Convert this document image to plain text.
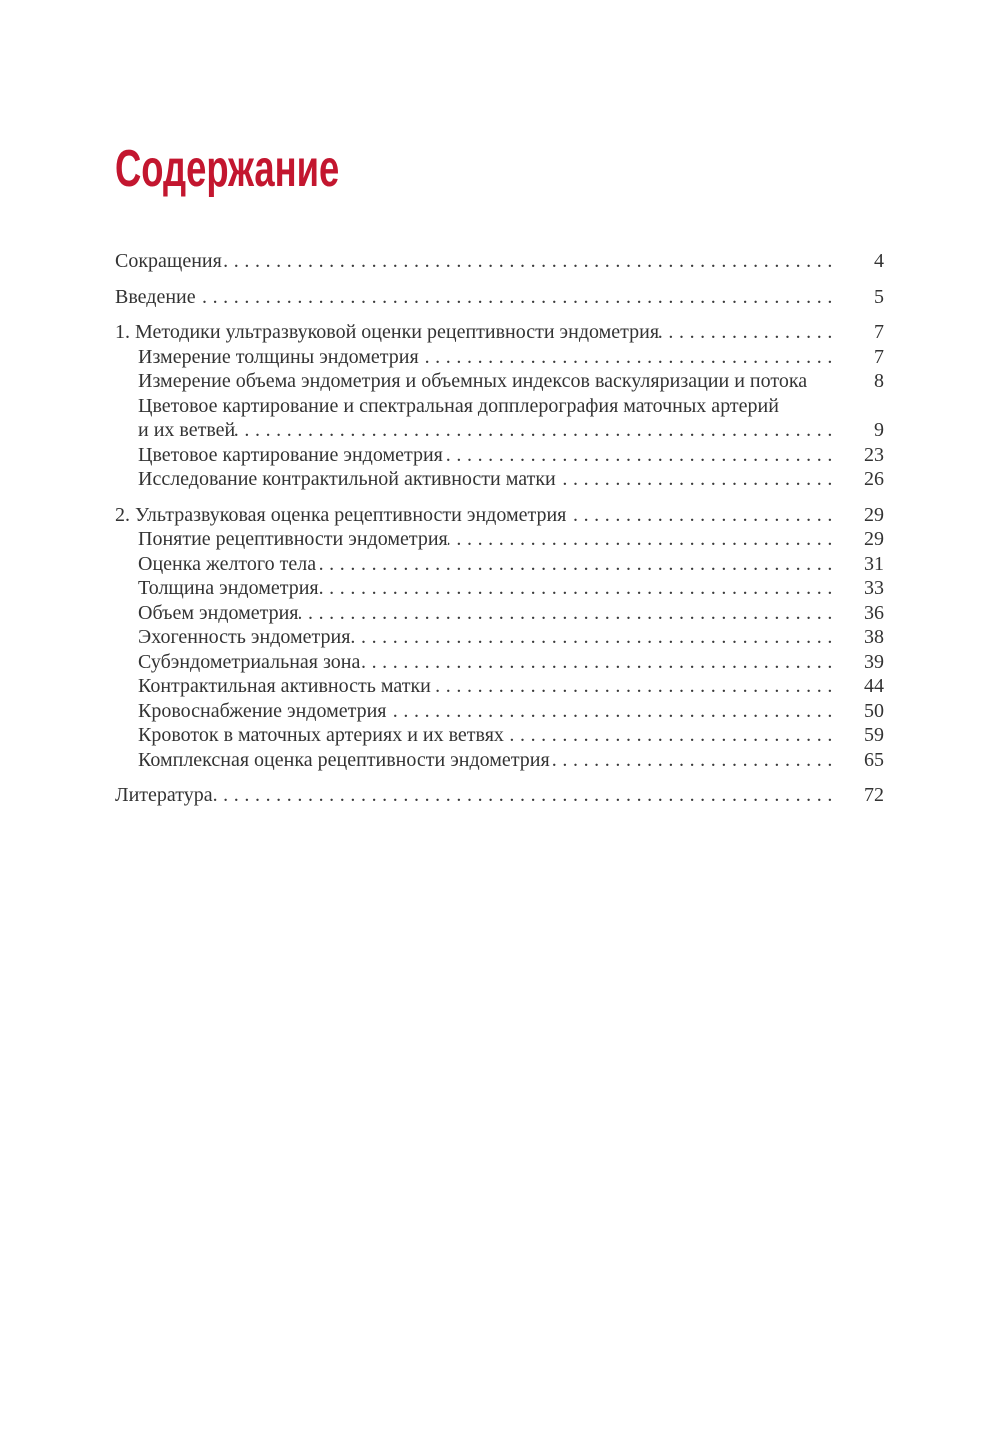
Содержание
Сокращения .....	4
Введение .....	5
1. Методики ультразвуковой оценки рецептивности эндометрия .....	7
Измерение толщины эндометрия .....	7
Измерение объема эндометрия и объемных индексов васкуляризации и потока	8
Цветовое картирование и спектральная допплерография маточных артерий
и их ветвей .....	9
Цветовое картирование эндометрия .....	23
Исследование контрактильной активности матки .....	26
2. Ультразвуковая оценка рецептивности эндометрия .....	29
Понятие рецептивности эндометрия .....	29
Оценка желтого тела .....	31
Толщина эндометрия .....	33
Объем эндометрия .....	36
Эхогенность эндометрия .....	38
Субэндометриальная зона .....	39
Контрактильная активность матки .....	44
Кровоснабжение эндометрия .....	50
Кровоток в маточных артериях и их ветвях .....	59
Комплексная оценка рецептивности эндометрия .....	65
Литература .....	72
